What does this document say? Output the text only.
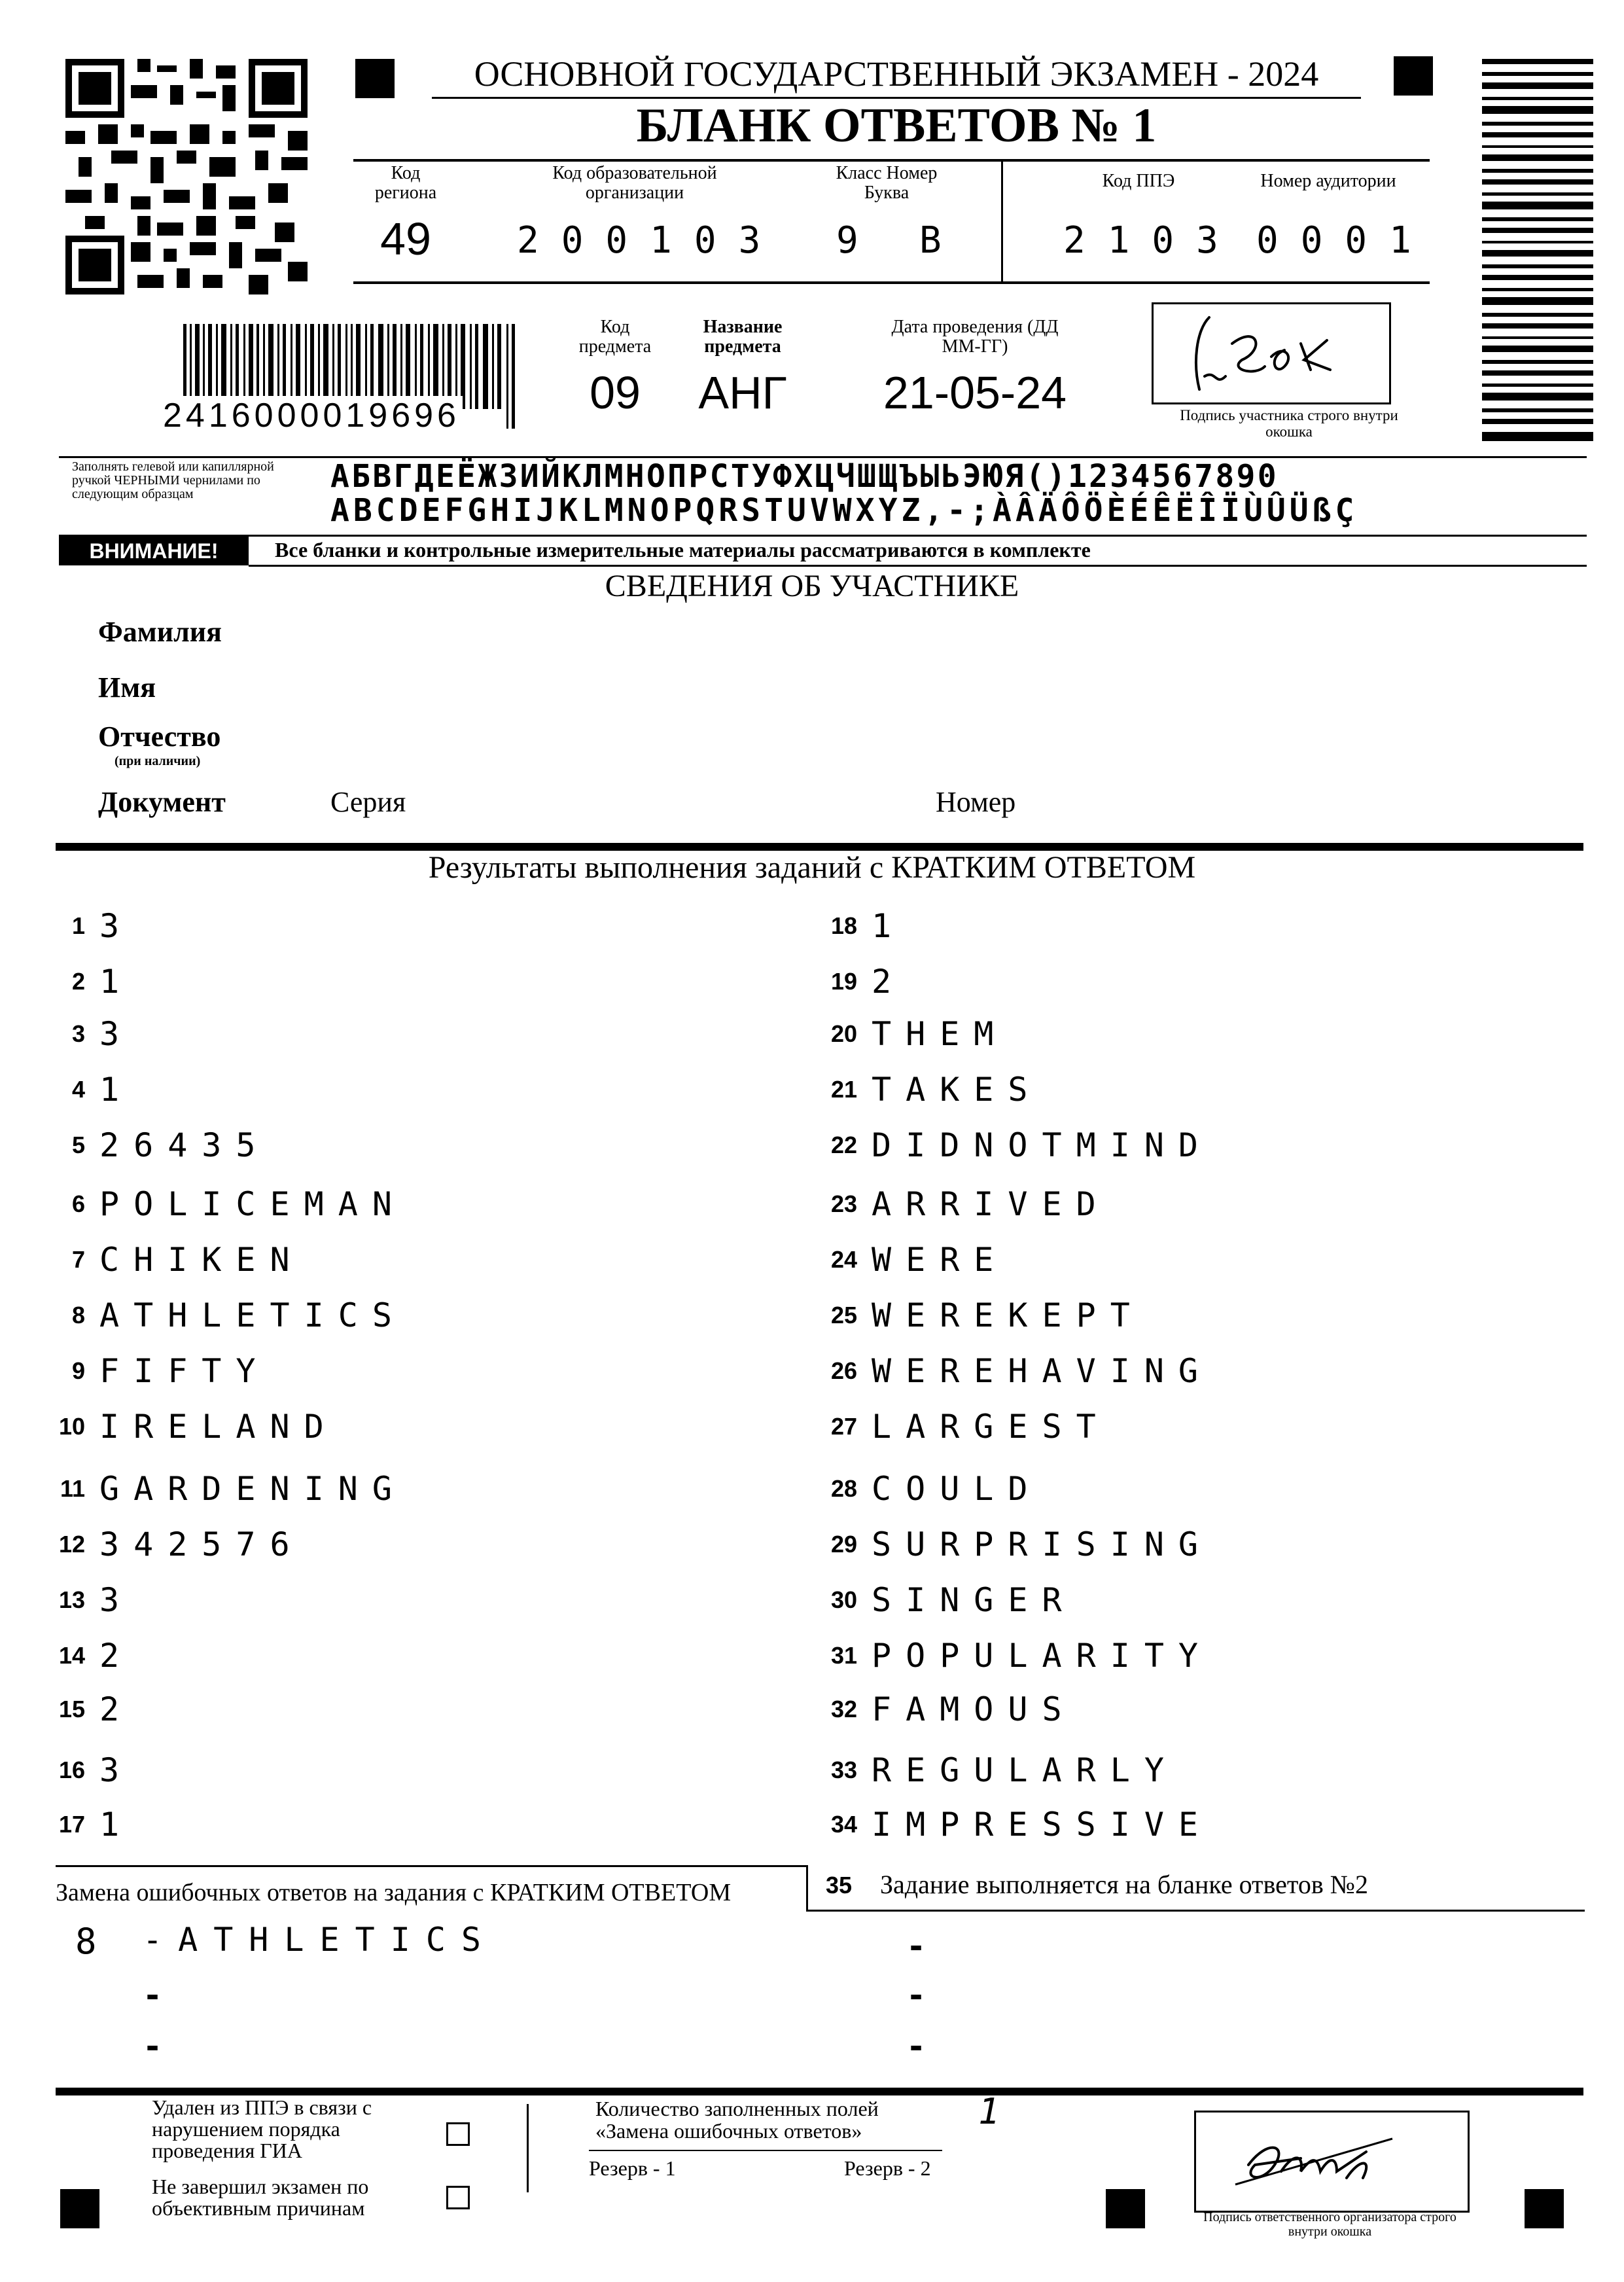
ОСНОВНОЙ ГОСУДАРСТВЕННЫЙ ЭКЗАМЕН - 2024
БЛАНК ОТВЕТОВ № 1
Код региона
49
Код образовательной организации
200103
Класс Номер Буква
9 В
Код ППЭ
2103
Номер аудитории
0001
2416000019696
Код предмета
09
Название предмета
АНГ
Дата проведения (ДД ММ-ГГ)
21-05-24	Подпись участника строго внутри окошка
Заполнять гелевой или капиллярной ручкой ЧЕРНЫМИ чернилами по следующим образцам	АБВГДЕЁЖЗИЙКЛМНОПРСТУФХЦЧШЩЪЫЬЭЮЯ()1234567890
ABCDEFGHIJKLMNOPQRSTUVWXYZ,-;ÀÂÄÔÖÈÉÊËÎÏÙÛÜßÇ
ВНИМАНИЕ!	Все бланки и контрольные измерительные материалы рассматриваются в комплекте
СВЕДЕНИЯ ОБ УЧАСТНИКЕ
Фамилия
Имя
Отчество
(при наличии)
Документ	Серия	Номер
Результаты выполнения заданий с КРАТКИМ ОТВЕТОМ
1 3
2 1
3 3
4 1
5 26435
6 POLICEMAN
7 CHIKEN
8 ATHLETICS
9 FIFTY
10 IRELAND
11 GARDENING
12 342576
13 3
14 2
15 2
16 3
17 1
18 1
19 2
20 THEM
21 TAKES
22 DIDNOTMIND
23 ARRIVED
24 WERE
25 WEREKEPT
26 WEREHAVING
27 LARGEST
28 COULD
29 SURPRISING
30 SINGER
31 POPULARITY
32 FAMOUS
33 REGULARLY
34 IMPRESSIVE
Замена ошибочных ответов на задания с КРАТКИМ ОТВЕТОМ	35 Задание выполняется на бланке ответов №2
8 -ATHLETICS
-
-
-
-
-
Удален из ППЭ в связи с нарушением порядка проведения ГИА
Не завершил экзамен по объективным причинам
Количество заполненных полей «Замена ошибочных ответов»	1
Резерв - 1	Резерв - 2
Подпись ответственного организатора строго внутри окошка
